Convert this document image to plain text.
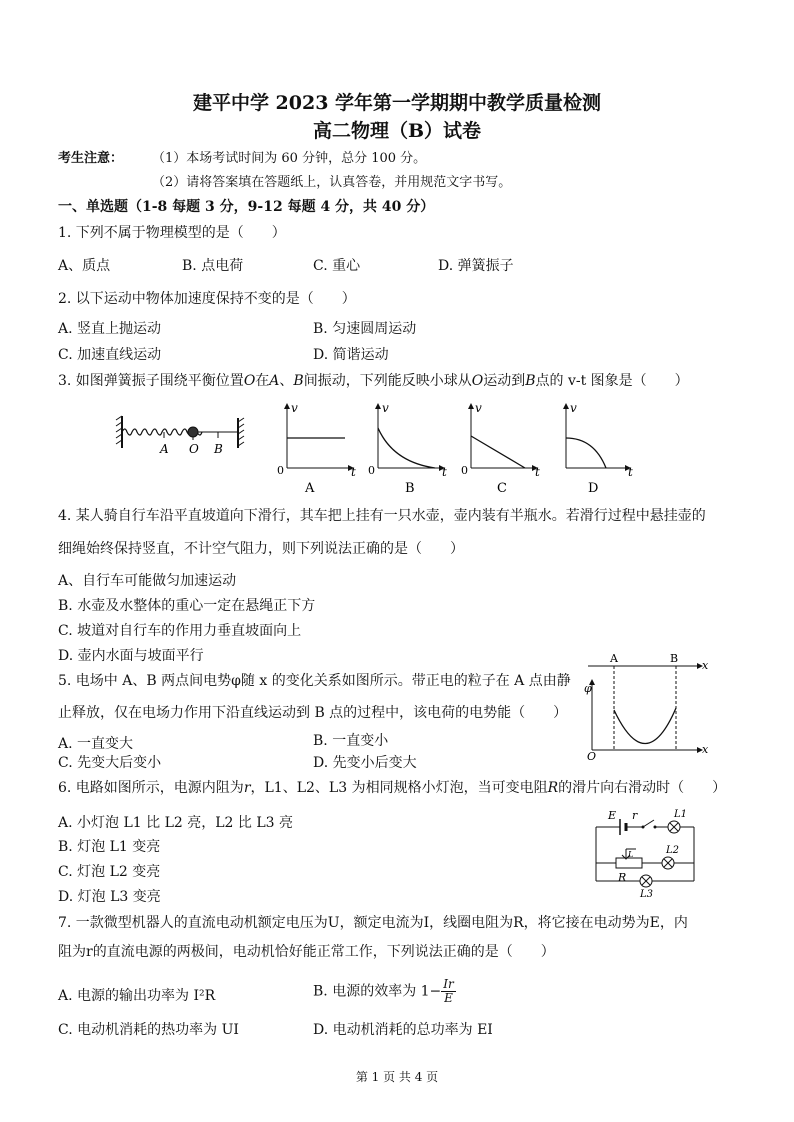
建平中学 2023 学年第一学期期中教学质量检测
高二物理（B）试卷
考生注意： （1）本场考试时间为 60 分钟，总分 100 分。
（2）请将答案填在答题纸上，认真答卷，并用规范文字书写。
一、单选题（1-8 每题 3 分，9-12 每题 4 分，共 40 分）
1. 下列不属于物理模型的是（　　）
A、质点	B. 点电荷	C. 重心	D. 弹簧振子
2. 以下运动中物体加速度保持不变的是（　　）
A. 竖直上抛运动	B. 匀速圆周运动
C. 加速直线运动	D. 简谐运动
3. 如图弹簧振子围绕平衡位置O在A、B间振动，下列能反映小球从O运动到B点的 v-t 图象是（　　）
A O B
v
t
0
A
v
t
0
B
v
t
0
C
v
t
D
4. 某人骑自行车沿平直坡道向下滑行，其车把上挂有一只水壶，壶内装有半瓶水。若滑行过程中悬挂壶的
细绳始终保持竖直，不计空气阻力，则下列说法正确的是（　　）
A、自行车可能做匀加速运动
B. 水壶及水整体的重心一定在悬绳正下方
C. 坡道对自行车的作用力垂直坡面向上
D. 壶内水面与坡面平行
5. 电场中 A、B 两点间电势φ随 x 的变化关系如图所示。带正电的粒子在 A 点由静
止释放，仅在电场力作用下沿直线运动到 B 点的过程中，该电荷的电势能（　　）
A. 一直变大	B. 一直变小
C. 先变大后变小	D. 先变小后变大
A	B
x
φ
x
O
6. 电路如图所示，电源内阻为r，L1、L2、L3 为相同规格小灯泡，当可变电阻R的滑片向右滑动时（　　）
A. 小灯泡 L1 比 L2 亮，L2 比 L3 亮
B. 灯泡 L1 变亮
C. 灯泡 L2 变亮
D. 灯泡 L3 变亮
E r	L1
L	L2
R
L3
7. 一款微型机器人的直流电动机额定电压为U，额定电流为I，线圈电阻为R，将它接在电动势为E，内
阻为r的直流电源的两极间，电动机恰好能正常工作，下列说法正确的是（　　）
A. 电源的输出功率为 I²R	B. 电源的效率为 $1- \frac{Ir}{E}$
C. 电动机消耗的热功率为 UI	D. 电动机消耗的总功率为 EI
第 1 页 共 4 页
